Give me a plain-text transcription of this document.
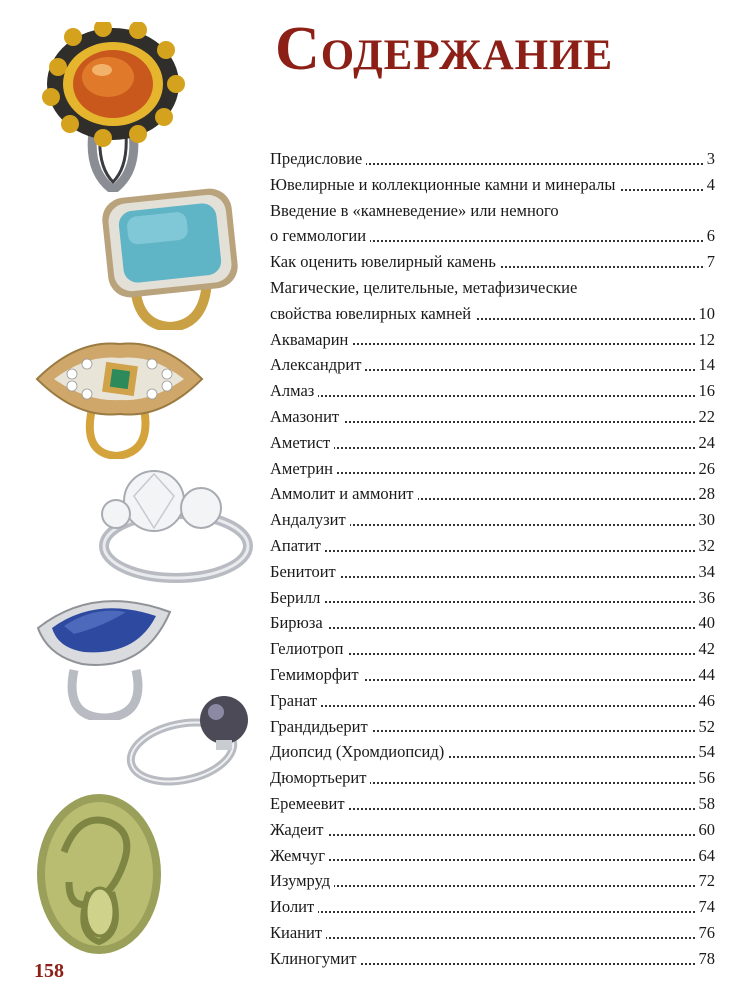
Содержание
Предисловие	3
Ювелирные и коллекционные камни и минералы	4
Введение в «камневедение» или немного
о геммологии	6
Как оценить ювелирный камень	7
Магические, целительные, метафизические
свойства ювелирных камней	10
Аквамарин	12
Александрит	14
Алмаз	16
Амазонит	22
Аметист	24
Аметрин	26
Аммолит и аммонит	28
Андалузит	30
Апатит	32
Бенитоит	34
Берилл	36
Бирюза	40
Гелиотроп	42
Гемиморфит	44
Гранат	46
Грандидьерит	52
Диопсид (Хромдиопсид)	54
Дюмортьерит	56
Еремеевит	58
Жадеит	60
Жемчуг	64
Изумруд	72
Иолит	74
Кианит	76
Клиногумит	78
158
